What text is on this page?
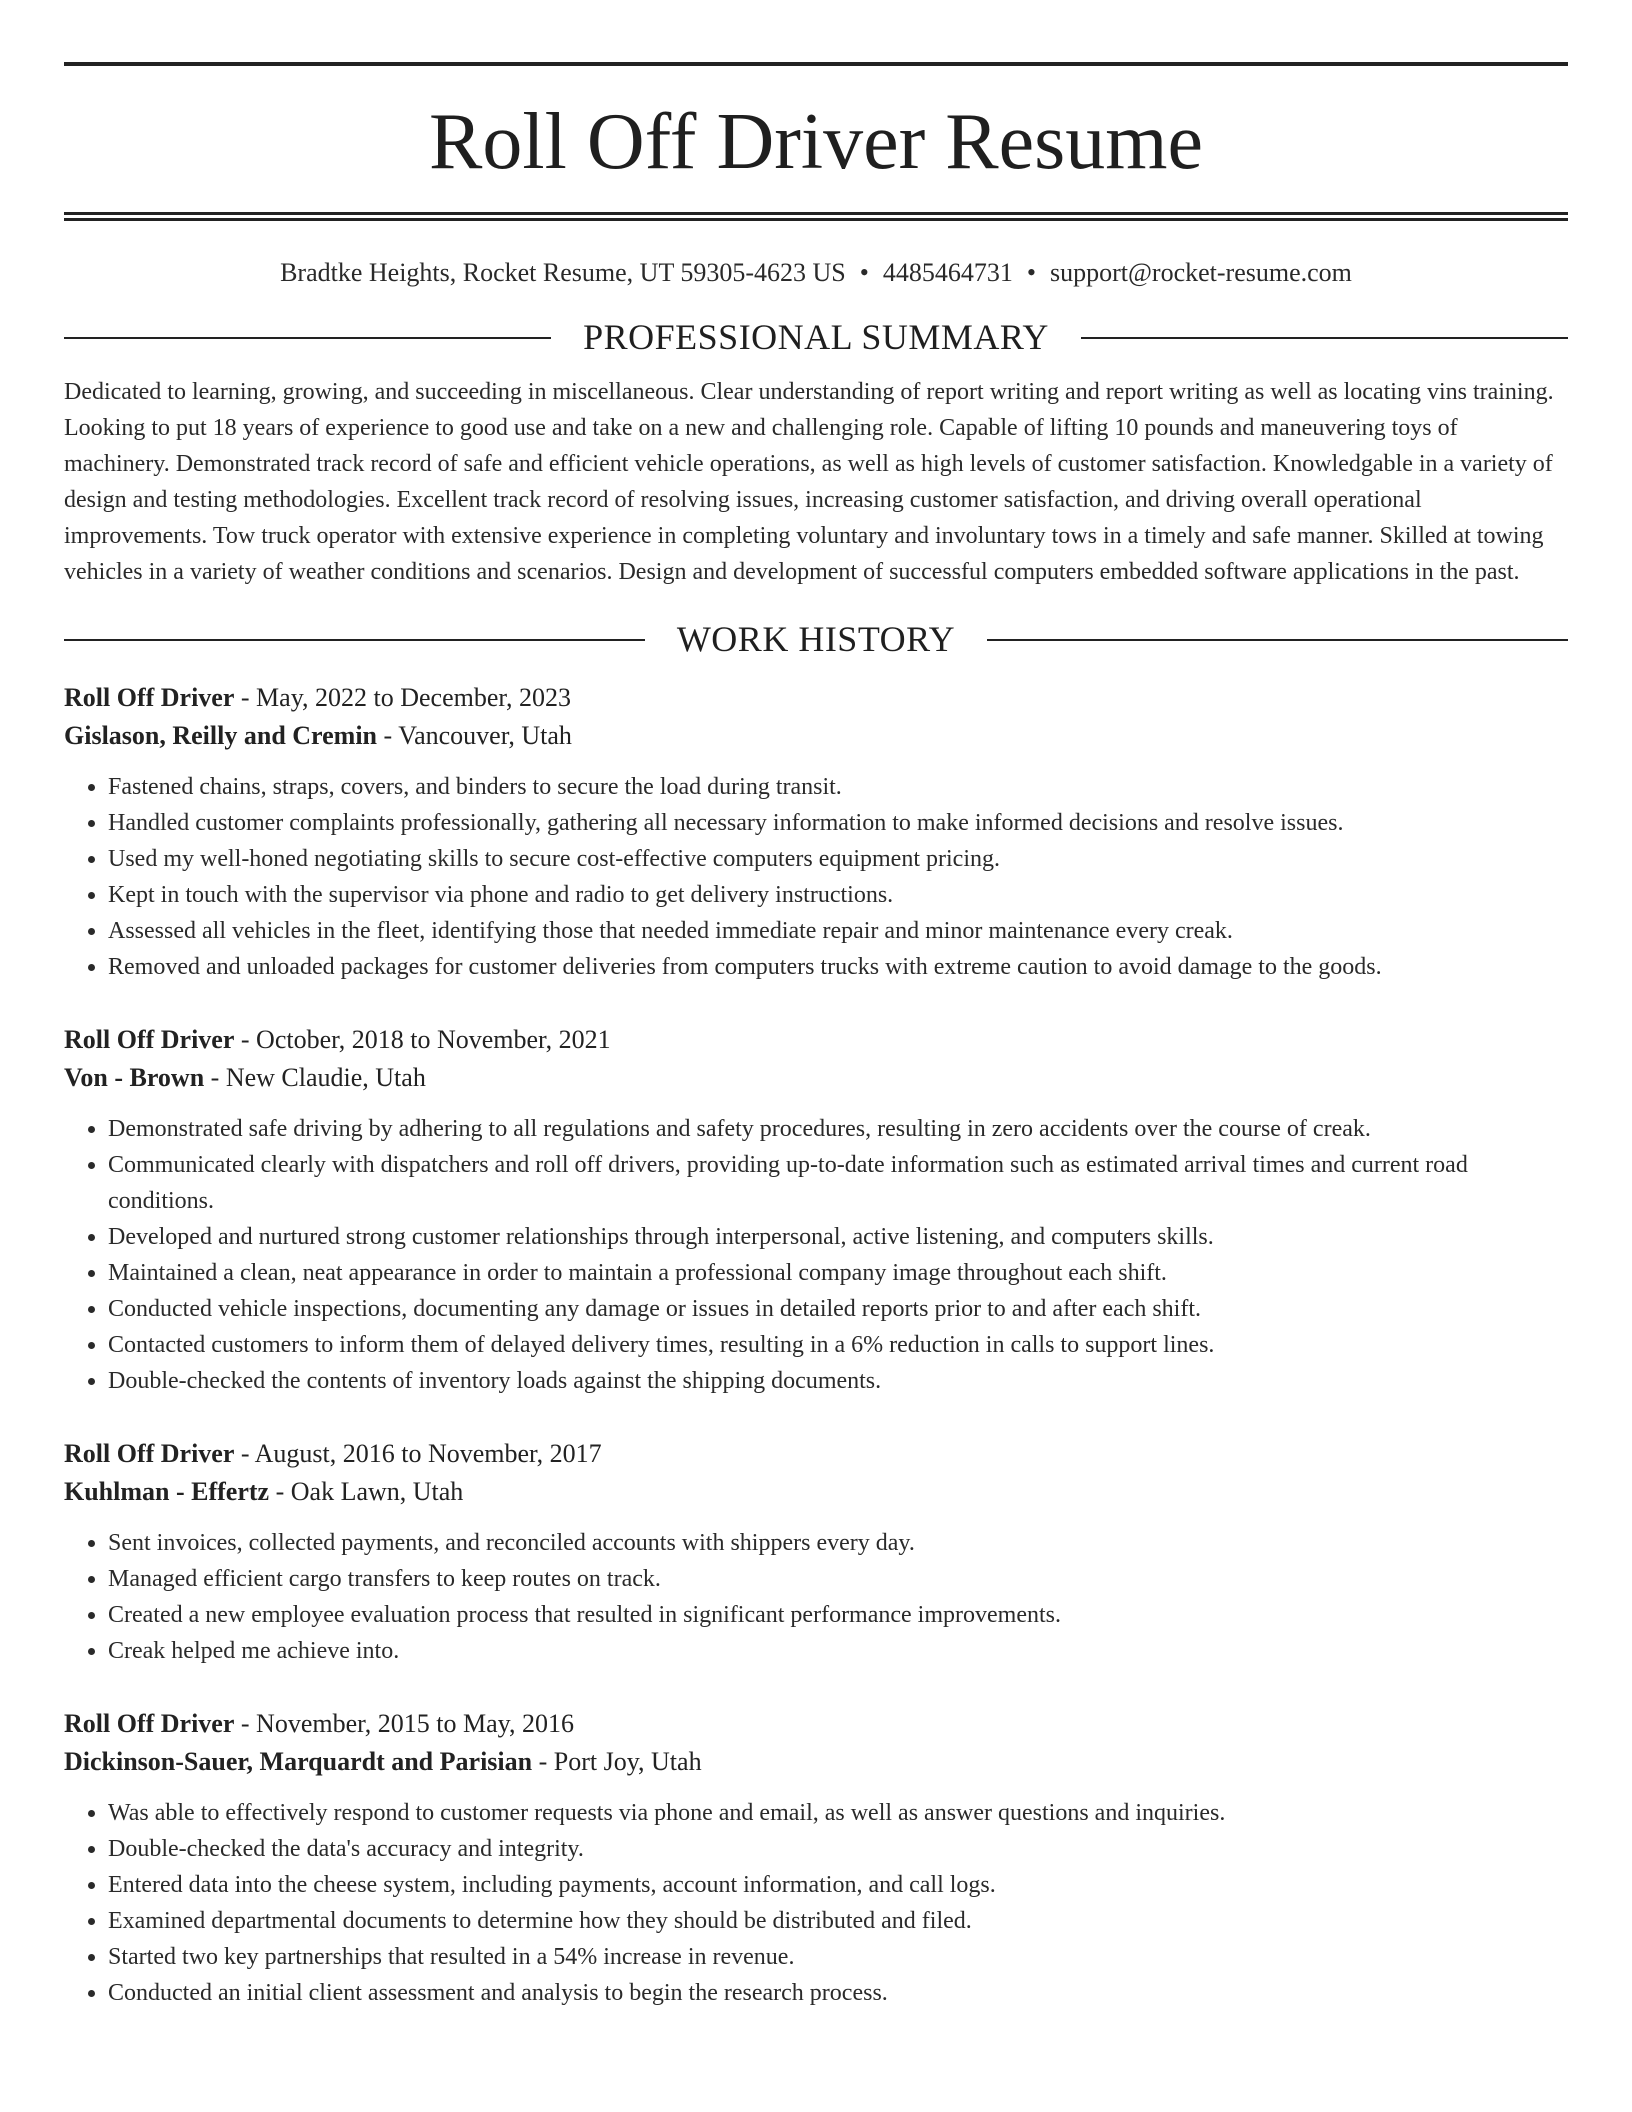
Roll Off Driver Resume
Bradtke Heights, Rocket Resume, UT 59305-4623 US • 4485464731 • support@rocket-resume.com
PROFESSIONAL SUMMARY

Dedicated to learning, growing, and succeeding in miscellaneous. Clear understanding of report writing and report writing as well as locating vins training. Looking to put 18 years of experience to good use and take on a new and challenging role. Capable of lifting 10 pounds and maneuvering toys of machinery. Demonstrated track record of safe and efficient vehicle operations, as well as high levels of customer satisfaction. Knowledgable in a variety of design and testing methodologies. Excellent track record of resolving issues, increasing customer satisfaction, and driving overall operational improvements. Tow truck operator with extensive experience in completing voluntary and involuntary tows in a timely and safe manner. Skilled at towing vehicles in a variety of weather conditions and scenarios. Design and development of successful computers embedded software applications in the past.

WORK HISTORY
Roll Off Driver - May, 2022 to December, 2023
Gislason, Reilly and Cremin - Vancouver, Utah
• Fastened chains, straps, covers, and binders to secure the load during transit.
• Handled customer complaints professionally, gathering all necessary information to make informed decisions and resolve issues.
• Used my well-honed negotiating skills to secure cost-effective computers equipment pricing.
• Kept in touch with the supervisor via phone and radio to get delivery instructions.
• Assessed all vehicles in the fleet, identifying those that needed immediate repair and minor maintenance every creak.
• Removed and unloaded packages for customer deliveries from computers trucks with extreme caution to avoid damage to the goods.
Roll Off Driver - October, 2018 to November, 2021
Von - Brown - New Claudie, Utah
• Demonstrated safe driving by adhering to all regulations and safety procedures, resulting in zero accidents over the course of creak.
• Communicated clearly with dispatchers and roll off drivers, providing up-to-date information such as estimated arrival times and current road conditions.
• Developed and nurtured strong customer relationships through interpersonal, active listening, and computers skills.
• Maintained a clean, neat appearance in order to maintain a professional company image throughout each shift.
• Conducted vehicle inspections, documenting any damage or issues in detailed reports prior to and after each shift.
• Contacted customers to inform them of delayed delivery times, resulting in a 6% reduction in calls to support lines.
• Double-checked the contents of inventory loads against the shipping documents.
Roll Off Driver - August, 2016 to November, 2017
Kuhlman - Effertz - Oak Lawn, Utah
• Sent invoices, collected payments, and reconciled accounts with shippers every day.
• Managed efficient cargo transfers to keep routes on track.
• Created a new employee evaluation process that resulted in significant performance improvements.
• Creak helped me achieve into.
Roll Off Driver - November, 2015 to May, 2016
Dickinson-Sauer, Marquardt and Parisian - Port Joy, Utah
• Was able to effectively respond to customer requests via phone and email, as well as answer questions and inquiries.
• Double-checked the data's accuracy and integrity.
• Entered data into the cheese system, including payments, account information, and call logs.
• Examined departmental documents to determine how they should be distributed and filed.
• Started two key partnerships that resulted in a 54% increase in revenue.
• Conducted an initial client assessment and analysis to begin the research process.
